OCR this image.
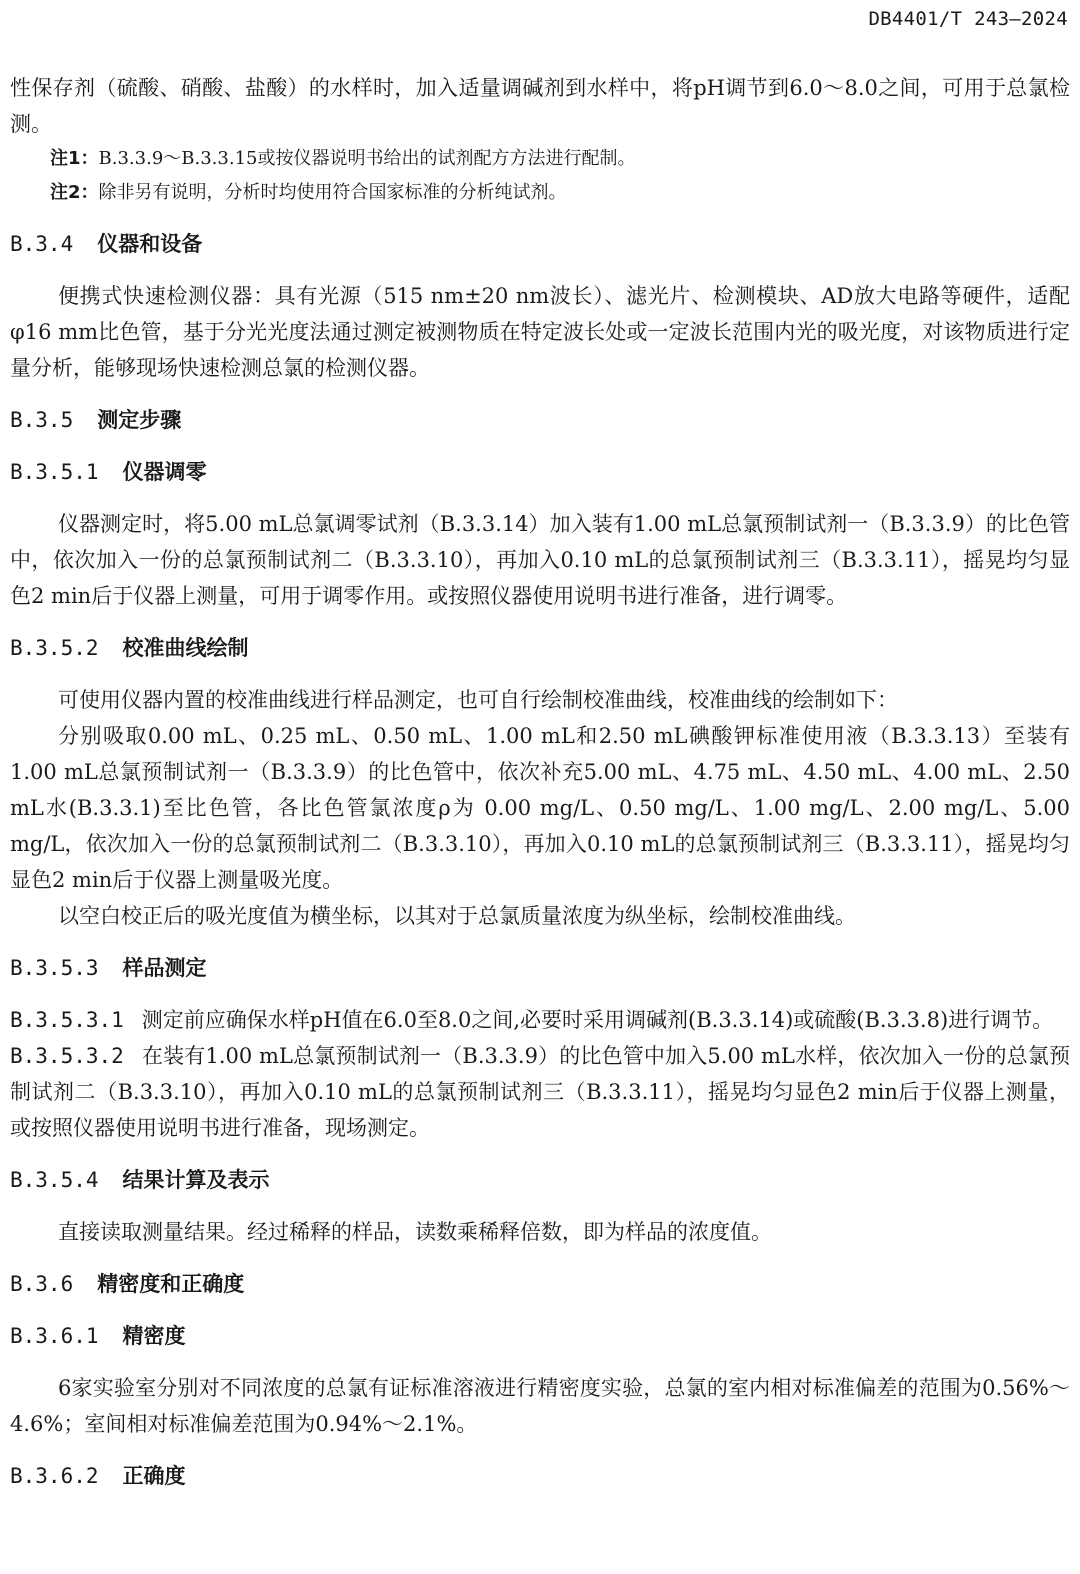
DB4401/T 243—2024

性保存剂（硫酸、硝酸、盐酸）的水样时，加入适量调碱剂到水样中，将pH调节到6.0～8.0之间，可用于总氯检测。

注1：B.3.3.9～B.3.3.15或按仪器说明书给出的试剂配方方法进行配制。
注2：除非另有说明，分析时均使用符合国家标准的分析纯试剂。
B.3.4 仪器和设备

便携式快速检测仪器：具有光源（515 nm±20 nm波长）、滤光片、检测模块、AD放大电路等硬件，适配φ16 mm比色管，基于分光光度法通过测定被测物质在特定波长处或一定波长范围内光的吸光度，对该物质进行定量分析，能够现场快速检测总氯的检测仪器。

B.3.5 测定步骤
B.3.5.1 仪器调零

仪器测定时，将5.00 mL总氯调零试剂（B.3.3.14）加入装有1.00 mL总氯预制试剂一（B.3.3.9）的比色管中，依次加入一份的总氯预制试剂二（B.3.3.10），再加入0.10 mL的总氯预制试剂三（B.3.3.11），摇晃均匀显色2 min后于仪器上测量，可用于调零作用。或按照仪器使用说明书进行准备，进行调零。

B.3.5.2 校准曲线绘制

可使用仪器内置的校准曲线进行样品测定，也可自行绘制校准曲线，校准曲线的绘制如下：

分别吸取0.00 mL、0.25 mL、0.50 mL、1.00 mL和2.50 mL碘酸钾标准使用液（B.3.3.13）至装有1.00 mL总氯预制试剂一（B.3.3.9）的比色管中，依次补充5.00 mL、4.75 mL、4.50 mL、4.00 mL、2.50 mL水(B.3.3.1)至比色管，各比色管氯浓度ρ为 0.00 mg/L、0.50 mg/L、1.00 mg/L、2.00 mg/L、5.00 mg/L，依次加入一份的总氯预制试剂二（B.3.3.10），再加入0.10 mL的总氯预制试剂三（B.3.3.11），摇晃均匀显色2 min后于仪器上测量吸光度。

以空白校正后的吸光度值为横坐标，以其对于总氯质量浓度为纵坐标，绘制校准曲线。

B.3.5.3 样品测定

B.3.5.3.1 测定前应确保水样pH值在6.0至8.0之间,必要时采用调碱剂(B.3.3.14)或硫酸(B.3.3.8)进行调节。

B.3.5.3.2 在装有1.00 mL总氯预制试剂一（B.3.3.9）的比色管中加入5.00 mL水样，依次加入一份的总氯预制试剂二（B.3.3.10），再加入0.10 mL的总氯预制试剂三（B.3.3.11），摇晃均匀显色2 min后于仪器上测量，或按照仪器使用说明书进行准备，现场测定。

B.3.5.4 结果计算及表示

直接读取测量结果。经过稀释的样品，读数乘稀释倍数，即为样品的浓度值。

B.3.6 精密度和正确度
B.3.6.1 精密度

6家实验室分别对不同浓度的总氯有证标准溶液进行精密度实验，总氯的室内相对标准偏差的范围为0.56%～4.6%；室间相对标准偏差范围为0.94%～2.1%。

B.3.6.2 正确度
